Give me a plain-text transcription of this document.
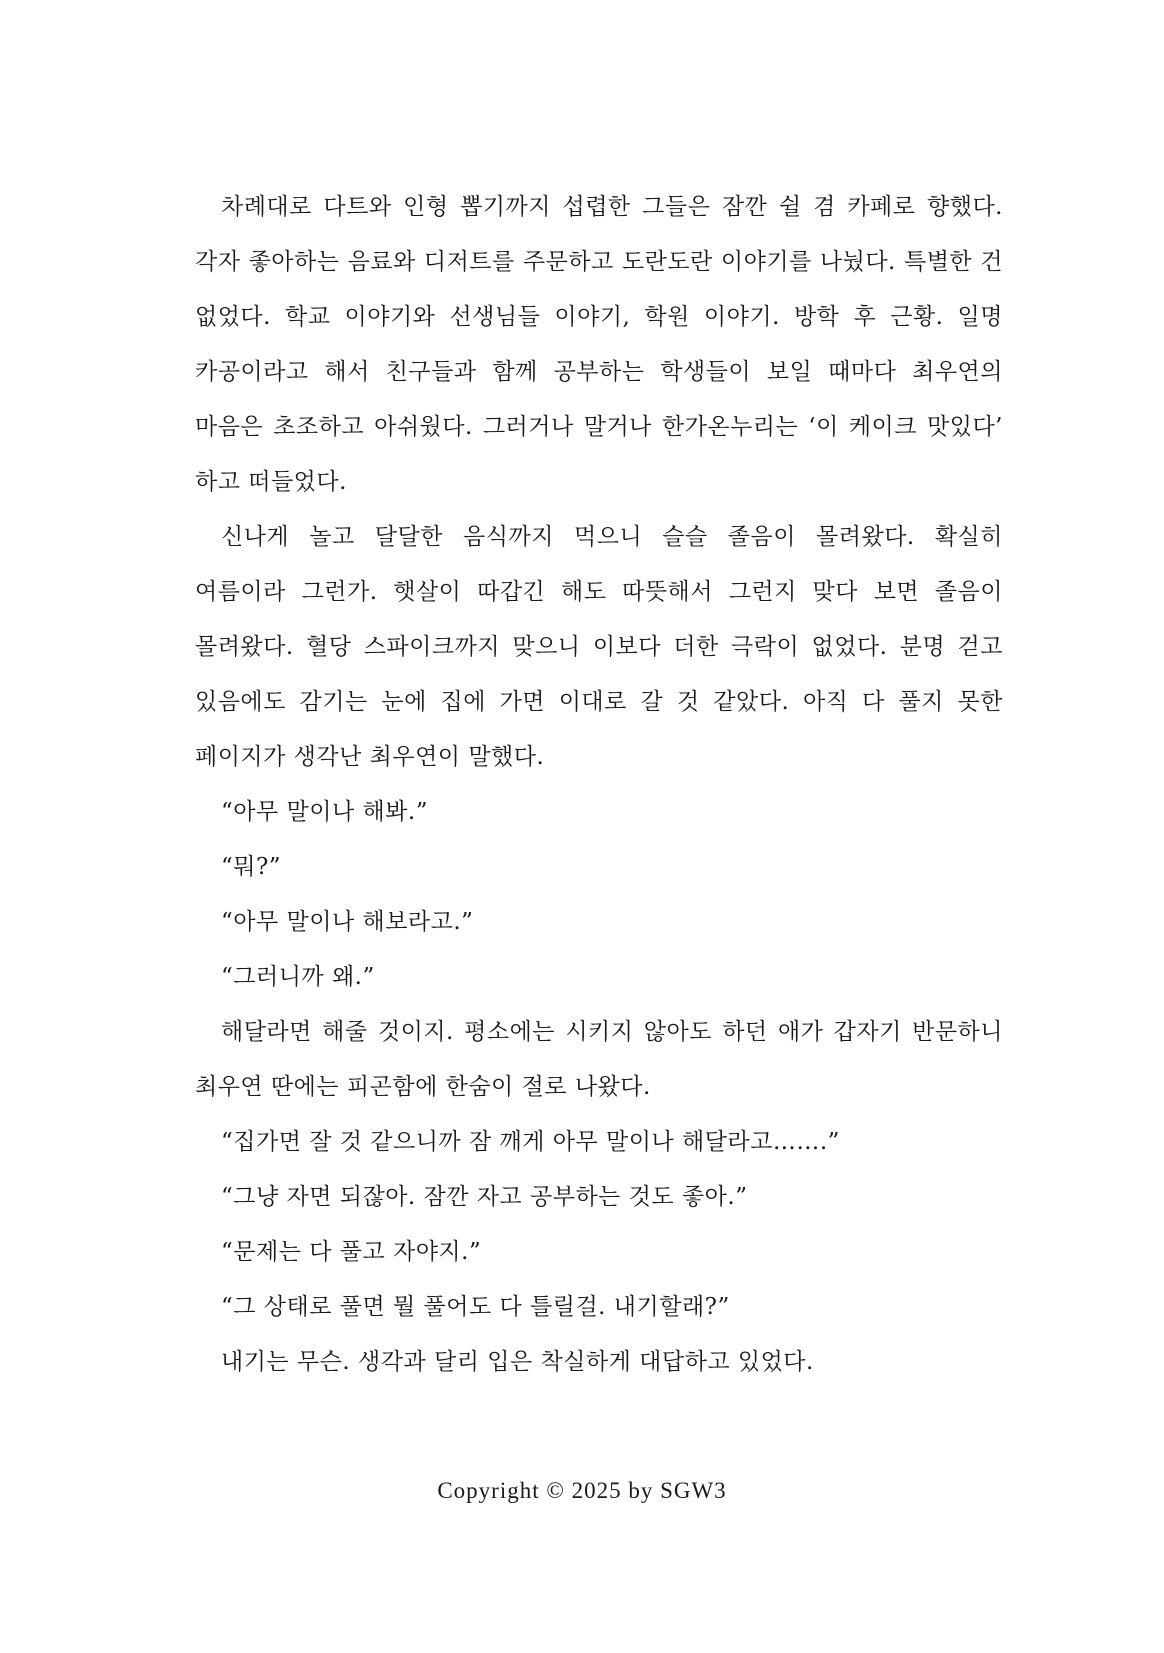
차례대로 다트와 인형 뽑기까지 섭렵한 그들은 잠깐 쉴 겸 카페로 향했다. 각자 좋아하는 음료와 디저트를 주문하고 도란도란 이야기를 나눴다. 특별한 건 없었다. 학교 이야기와 선생님들 이야기, 학원 이야기. 방학 후 근황. 일명 카공이라고 해서 친구들과 함께 공부하는 학생들이 보일 때마다 최우연의 마음은 초조하고 아쉬웠다. 그러거나 말거나 한가온누리는 ‘이 케이크 맛있다’ 하고 떠들었다.

신나게 놀고 달달한 음식까지 먹으니 슬슬 졸음이 몰려왔다. 확실히 여름이라 그런가. 햇살이 따갑긴 해도 따뜻해서 그런지 맞다 보면 졸음이 몰려왔다. 혈당 스파이크까지 맞으니 이보다 더한 극락이 없었다. 분명 걷고 있음에도 감기는 눈에 집에 가면 이대로 갈 것 같았다. 아직 다 풀지 못한 페이지가 생각난 최우연이 말했다.

“아무 말이나 해봐.”

“뭐?”

“아무 말이나 해보라고.”

“그러니까 왜.”

해달라면 해줄 것이지. 평소에는 시키지 않아도 하던 애가 갑자기 반문하니 최우연 딴에는 피곤함에 한숨이 절로 나왔다.

“집가면 잘 것 같으니까 잠 깨게 아무 말이나 해달라고…….”

“그냥 자면 되잖아. 잠깐 자고 공부하는 것도 좋아.”

“문제는 다 풀고 자야지.”

“그 상태로 풀면 뭘 풀어도 다 틀릴걸. 내기할래?”

내기는 무슨. 생각과 달리 입은 착실하게 대답하고 있었다.

Copyright © 2025 by SGW3
